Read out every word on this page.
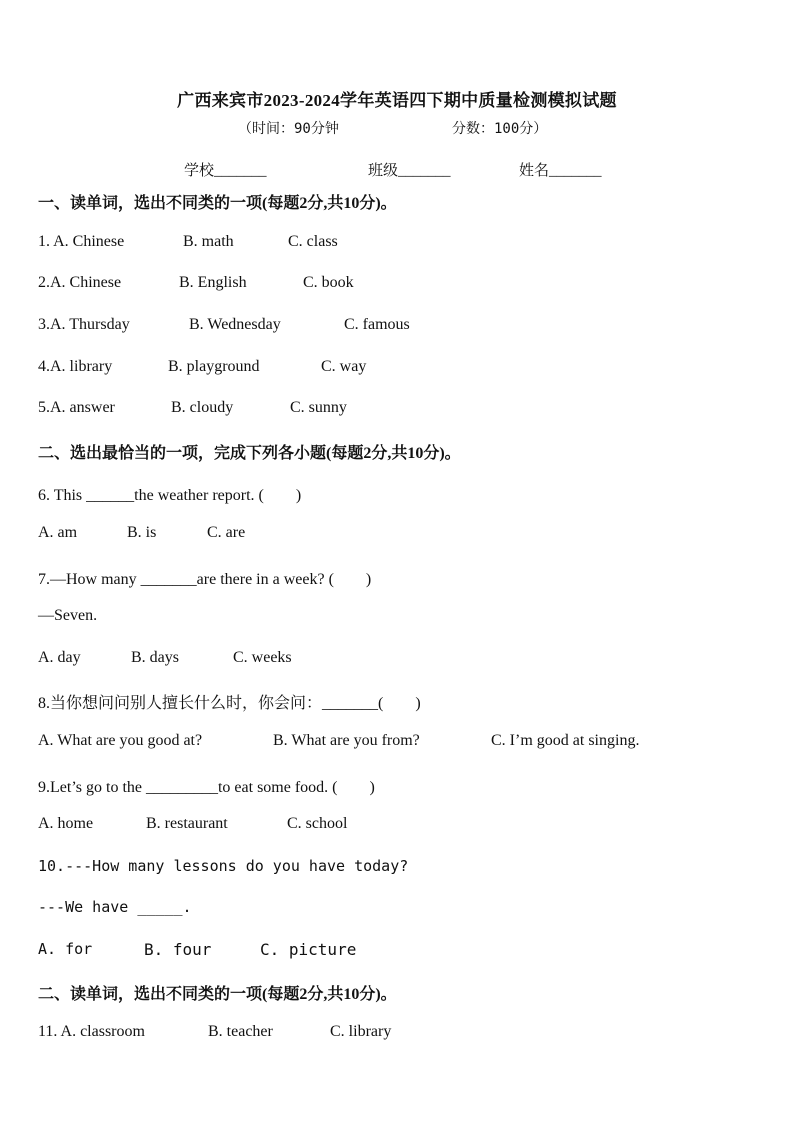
广西来宾市2023-2024学年英语四下期中质量检测模拟试题
（时间：90分钟	分数：100分）
学校_______	班级_______	姓名_______
一、读单词，选出不同类的一项(每题2分,共10分)。
1. A. Chinese	B. math	C. class
2.A. Chinese	B. English	C. book
3.A. Thursday	B. Wednesday	C. famous
4.A. library	B. playground	C. way
5.A. answer	B. cloudy	C. sunny
二、选出最恰当的一项，完成下列各小题(每题2分,共10分)。
6. This ______the weather report. (　　)
A. am	B. is	C. are
7.—How many _______are there in a week? (　　)
—Seven.
A. day	B. days	C. weeks
8.当你想问问别人擅长什么时，你会问：_______(　　)
A. What are you good at?	B. What are you from?	C. I’m good at singing.
9.Let’s go to the _________to eat some food. (　　)
A. home	B. restaurant	C. school
10.---How many lessons do you have today?
---We have _____.
A. for	B. four	C. picture
二、读单词，选出不同类的一项(每题2分,共10分)。
11. A. classroom	B. teacher	C. library
